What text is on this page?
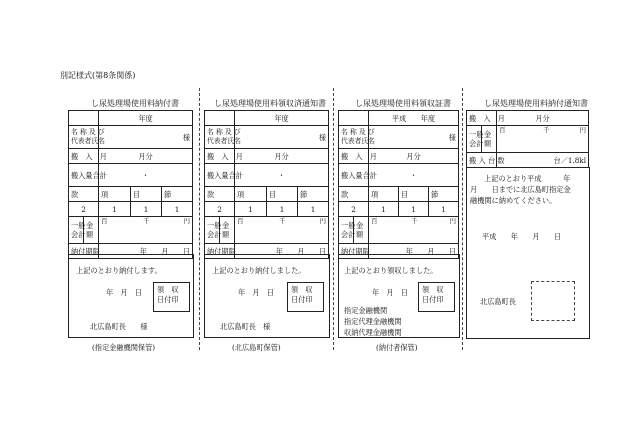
別記様式(第8条関係)
し尿処理場使用料納付書
		年度		
名 称 及 び
代表者氏名		様		
搬　入　月		月分		
搬入量合計		・		
款		項	目	節
2		1	1	1
一般
会計	金
額	百 千 円		

納付期限		年　　月　　日		
上記のとおり納付します。
年　月　日 領　収
日付印
北広島町長　　様
(指定金融機関保管)
し尿処理場使用料領収済通知書
		年度		
名 称 及 び
代表者氏名		様		
搬　入　月		月分		
搬入量合計		・		
款		項	目	節
2		1	1	1
一般
会計	金
額	百 千 円		

納付期限		年　　月　　日		
上記のとおり納付しました。
年　月　日 領　収
日付印
北広島町長　様
(北広島町保管)
し尿処理場使用料領収証書
		平成　　年度		
名 称 及 び
代表者氏名		様		
搬　入　月		月分		
搬入量合計		・		
款		項	目	節
2		1	1	1
一般
会計	金
額	百 千 円		

納付期限		年　　月　　日		
上記のとおり領収しました。
年　月　日 領　収
日付印
指定金融機関
指定代理金融機関
収納代理金融機関
(納付者保管)
し尿処理場使用料納付通知書
搬　入　月		月分
一般
会計	金
額	百 千 円

搬 入 台 数		台／1.8kl
上記のとおり平成　　　年
月　　日までに北広島町指定金
融機関に納めてください。
平成　　年　　月　　日
北広島町長
